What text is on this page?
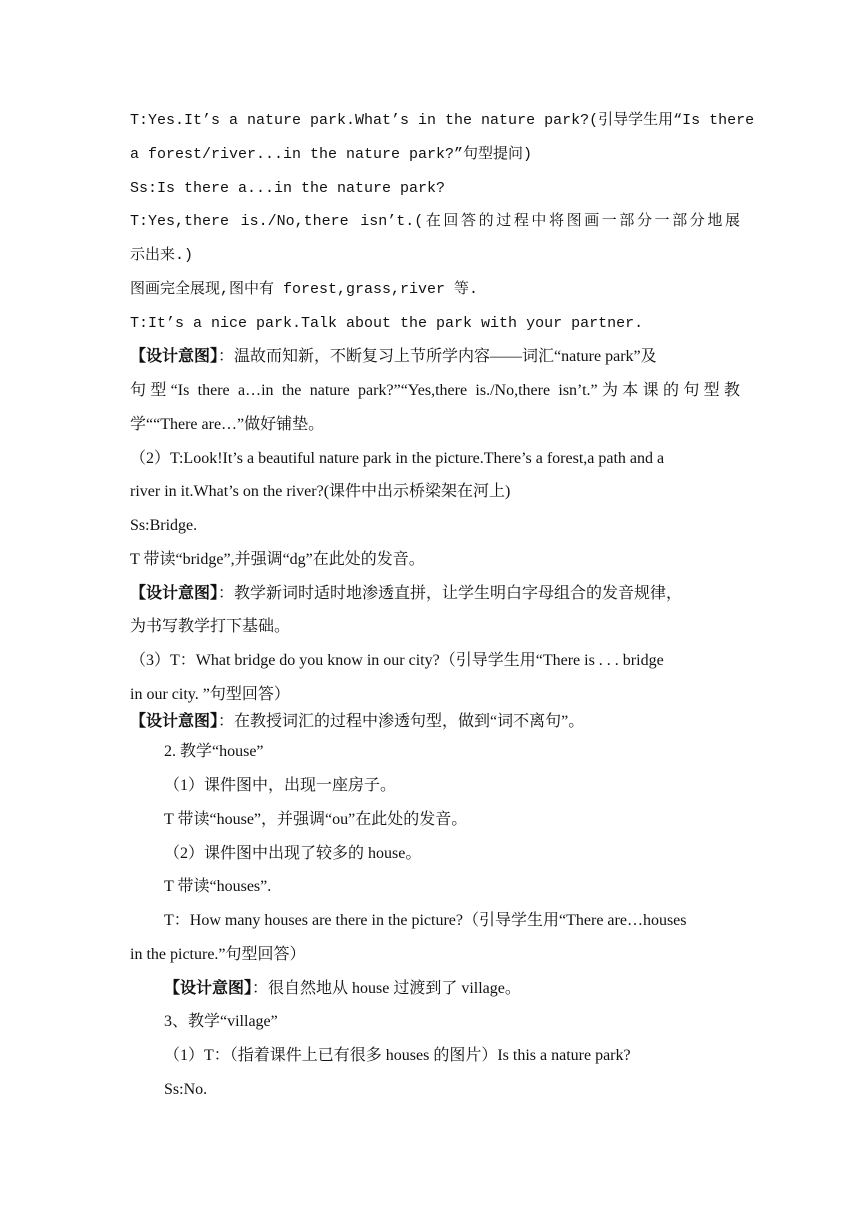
T:Yes.It’s a nature park.What’s in the nature park?(引导学生用“Is there
a forest/river...in the nature park?”句型提问)
Ss:Is there a...in the nature park?
T:Yes,there is./No,there isn’t.(在回答的过程中将图画一部分一部分地展
示出来.)
图画完全展现,图中有 forest,grass,river 等.
T:It’s a nice park.Talk about the park with your partner.
【设计意图】：温故而知新，不断复习上节所学内容——词汇“nature park”及
句型“Is there a…in the nature park?”“Yes,there is./No,there isn’t.”为本课的句型教
学““There are…”做好铺垫。
（2）T:Look!It’s a beautiful nature park in the picture.There’s a forest,a path and a
river in it.What’s on the river?(课件中出示桥梁架在河上)
Ss:Bridge.
T 带读“bridge”,并强调“dg”在此处的发音。
【设计意图】：教学新词时适时地渗透直拼，让学生明白字母组合的发音规律，
为书写教学打下基础。
（3）T：What bridge do you know in our city?（引导学生用“There is . . . bridge
in our city. ”句型回答）
【设计意图】：在教授词汇的过程中渗透句型，做到“词不离句”。
2. 教学“house”
（1）课件图中，出现一座房子。
T 带读“house”，并强调“ou”在此处的发音。
（2）课件图中出现了较多的 house。
T 带读“houses”.
T：How many houses are there in the picture?（引导学生用“There are…houses
in the picture.”句型回答）
【设计意图】：很自然地从 house 过渡到了 village。
3、教学“village”
（1）T：（指着课件上已有很多 houses 的图片）Is this a nature park?
Ss:No.
